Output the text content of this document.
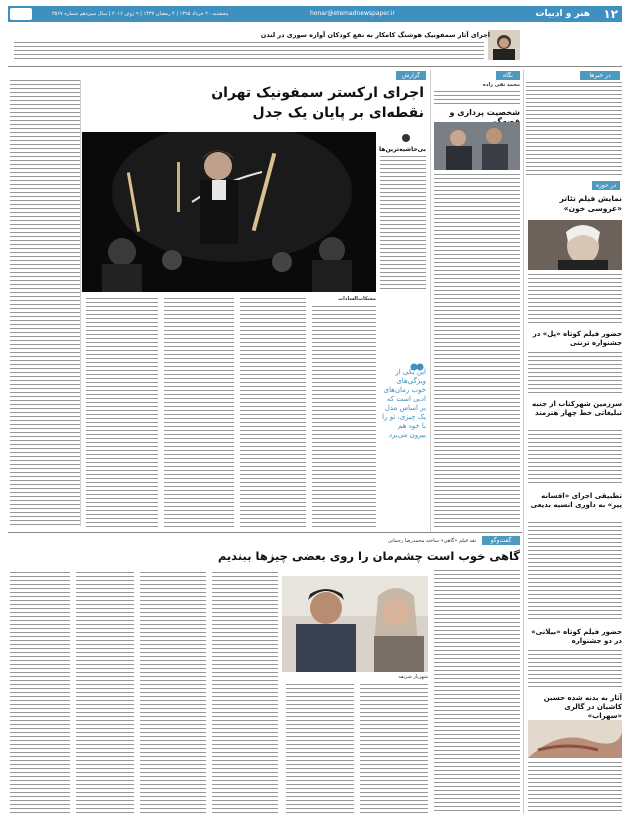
۱۲
هنر و ادبیات
honar@etemadnewspaper.ir
پنجشنبه ۲۰ خرداد ۱۳۹۵ | ۴ رمضان ۱۴۳۷ | ۹ ژوئن ۲۰۱۶ | سال سیزدهم شماره ۳۵۶۷
اجرای آثار سمفونیک هوشنگ کامکار به نفع کودکان آواره سوری در لندن
در خبرها
در حوزه
نمایش فیلم تئاتر «عروسی خون»
حضور فیلم کوتاه «پل» در جشنواره ترنتی
سرزمین شهرکتاب از جنبه تبلیغاتی خط چهار هنرمند
تطبیقی اجرای «افسانه‌ پیر» به داوری انسیه بدیعی
حضور فیلم کوتاه «بیلاتی» در دو جشنواره
آثار به بدنه‌ شده حسین کاشیان در گالری «سهراب»
نگاه
محمد تقی زاده
شخصیت پردازی و
گزارش
اجرای ارکستر سمفونیک تهران
نقطه‌ای بر پایان یک جدل
بی‌حاشیه‌ترین‌ها
مشکات‌السادات‌
این یکی از ویژگی‌های خوب رمان‌های ادبی است که بر اساس مدل یک چیزی، تو را با خود هم بیرون می‌برد
گفت‌وگو
نقد فیلم «گاهی» ساخته محمدرضا رحمانی
گاهی خوب است چشم‌مان را روی بعضی چیزها ببندیم
شهریار شریفه
